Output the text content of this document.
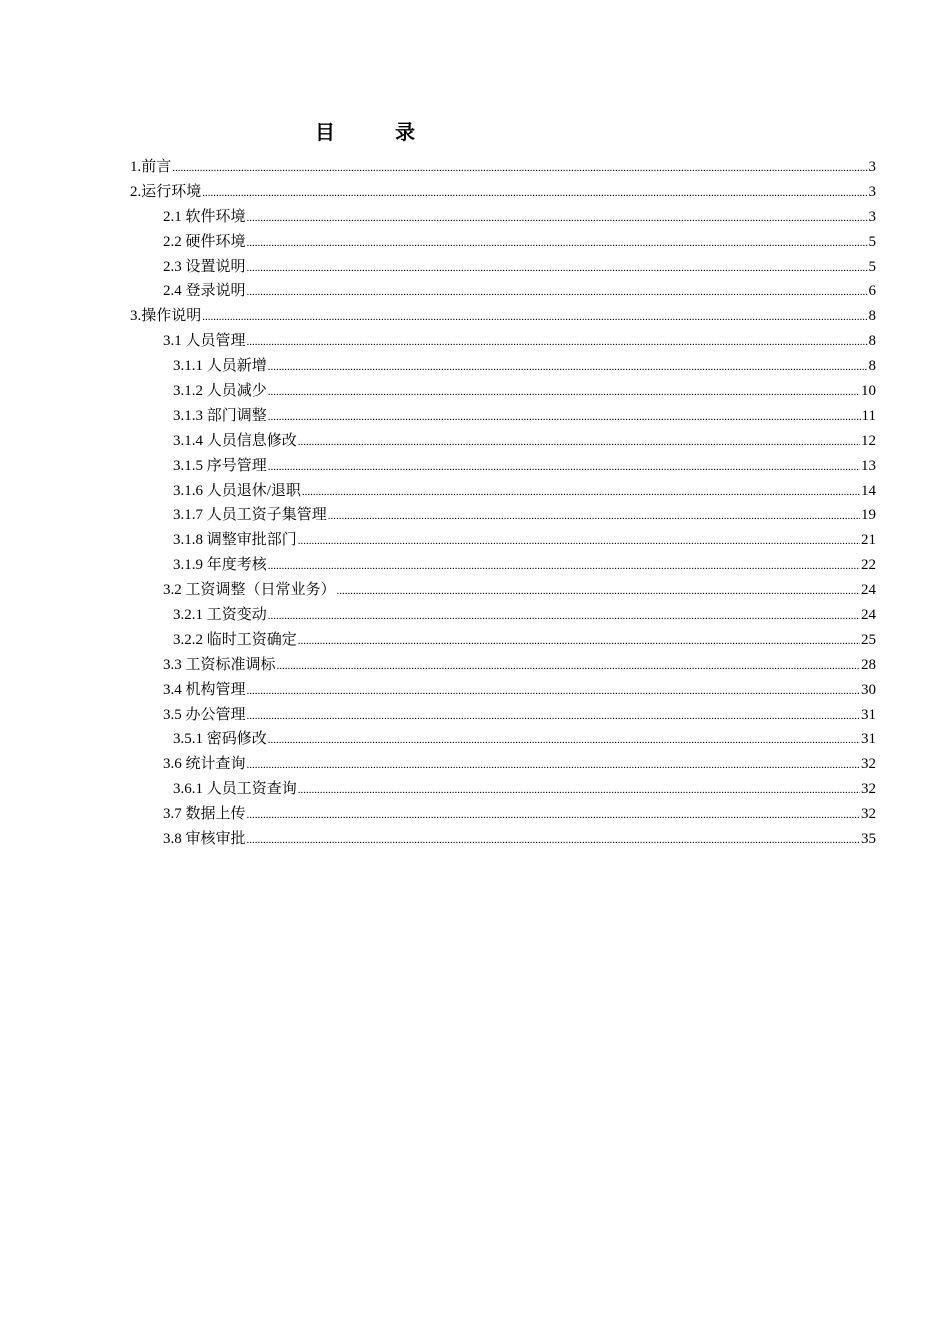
目录
1.前言 .....	3
2.运行环境 .....	3
2.1 软件环境 .....	3
2.2 硬件环境 .....	5
2.3 设置说明 .....	5
2.4 登录说明 .....	6
3.操作说明 .....	8
3.1 人员管理 .....	8
3.1.1 人员新增 .....	8
3.1.2 人员减少 .....	10
3.1.3 部门调整 .....	11
3.1.4 人员信息修改 .....	12
3.1.5 序号管理 .....	13
3.1.6 人员退休/退职 .....	14
3.1.7 人员工资子集管理 .....	19
3.1.8 调整审批部门 .....	21
3.1.9 年度考核 .....	22
3.2 工资调整（日常业务） .....	24
3.2.1 工资变动 .....	24
3.2.2 临时工资确定 .....	25
3.3 工资标准调标 .....	28
3.4 机构管理 .....	30
3.5 办公管理 .....	31
3.5.1 密码修改 .....	31
3.6 统计查询 .....	32
3.6.1 人员工资查询 .....	32
3.7 数据上传 .....	32
3.8 审核审批 .....	35
